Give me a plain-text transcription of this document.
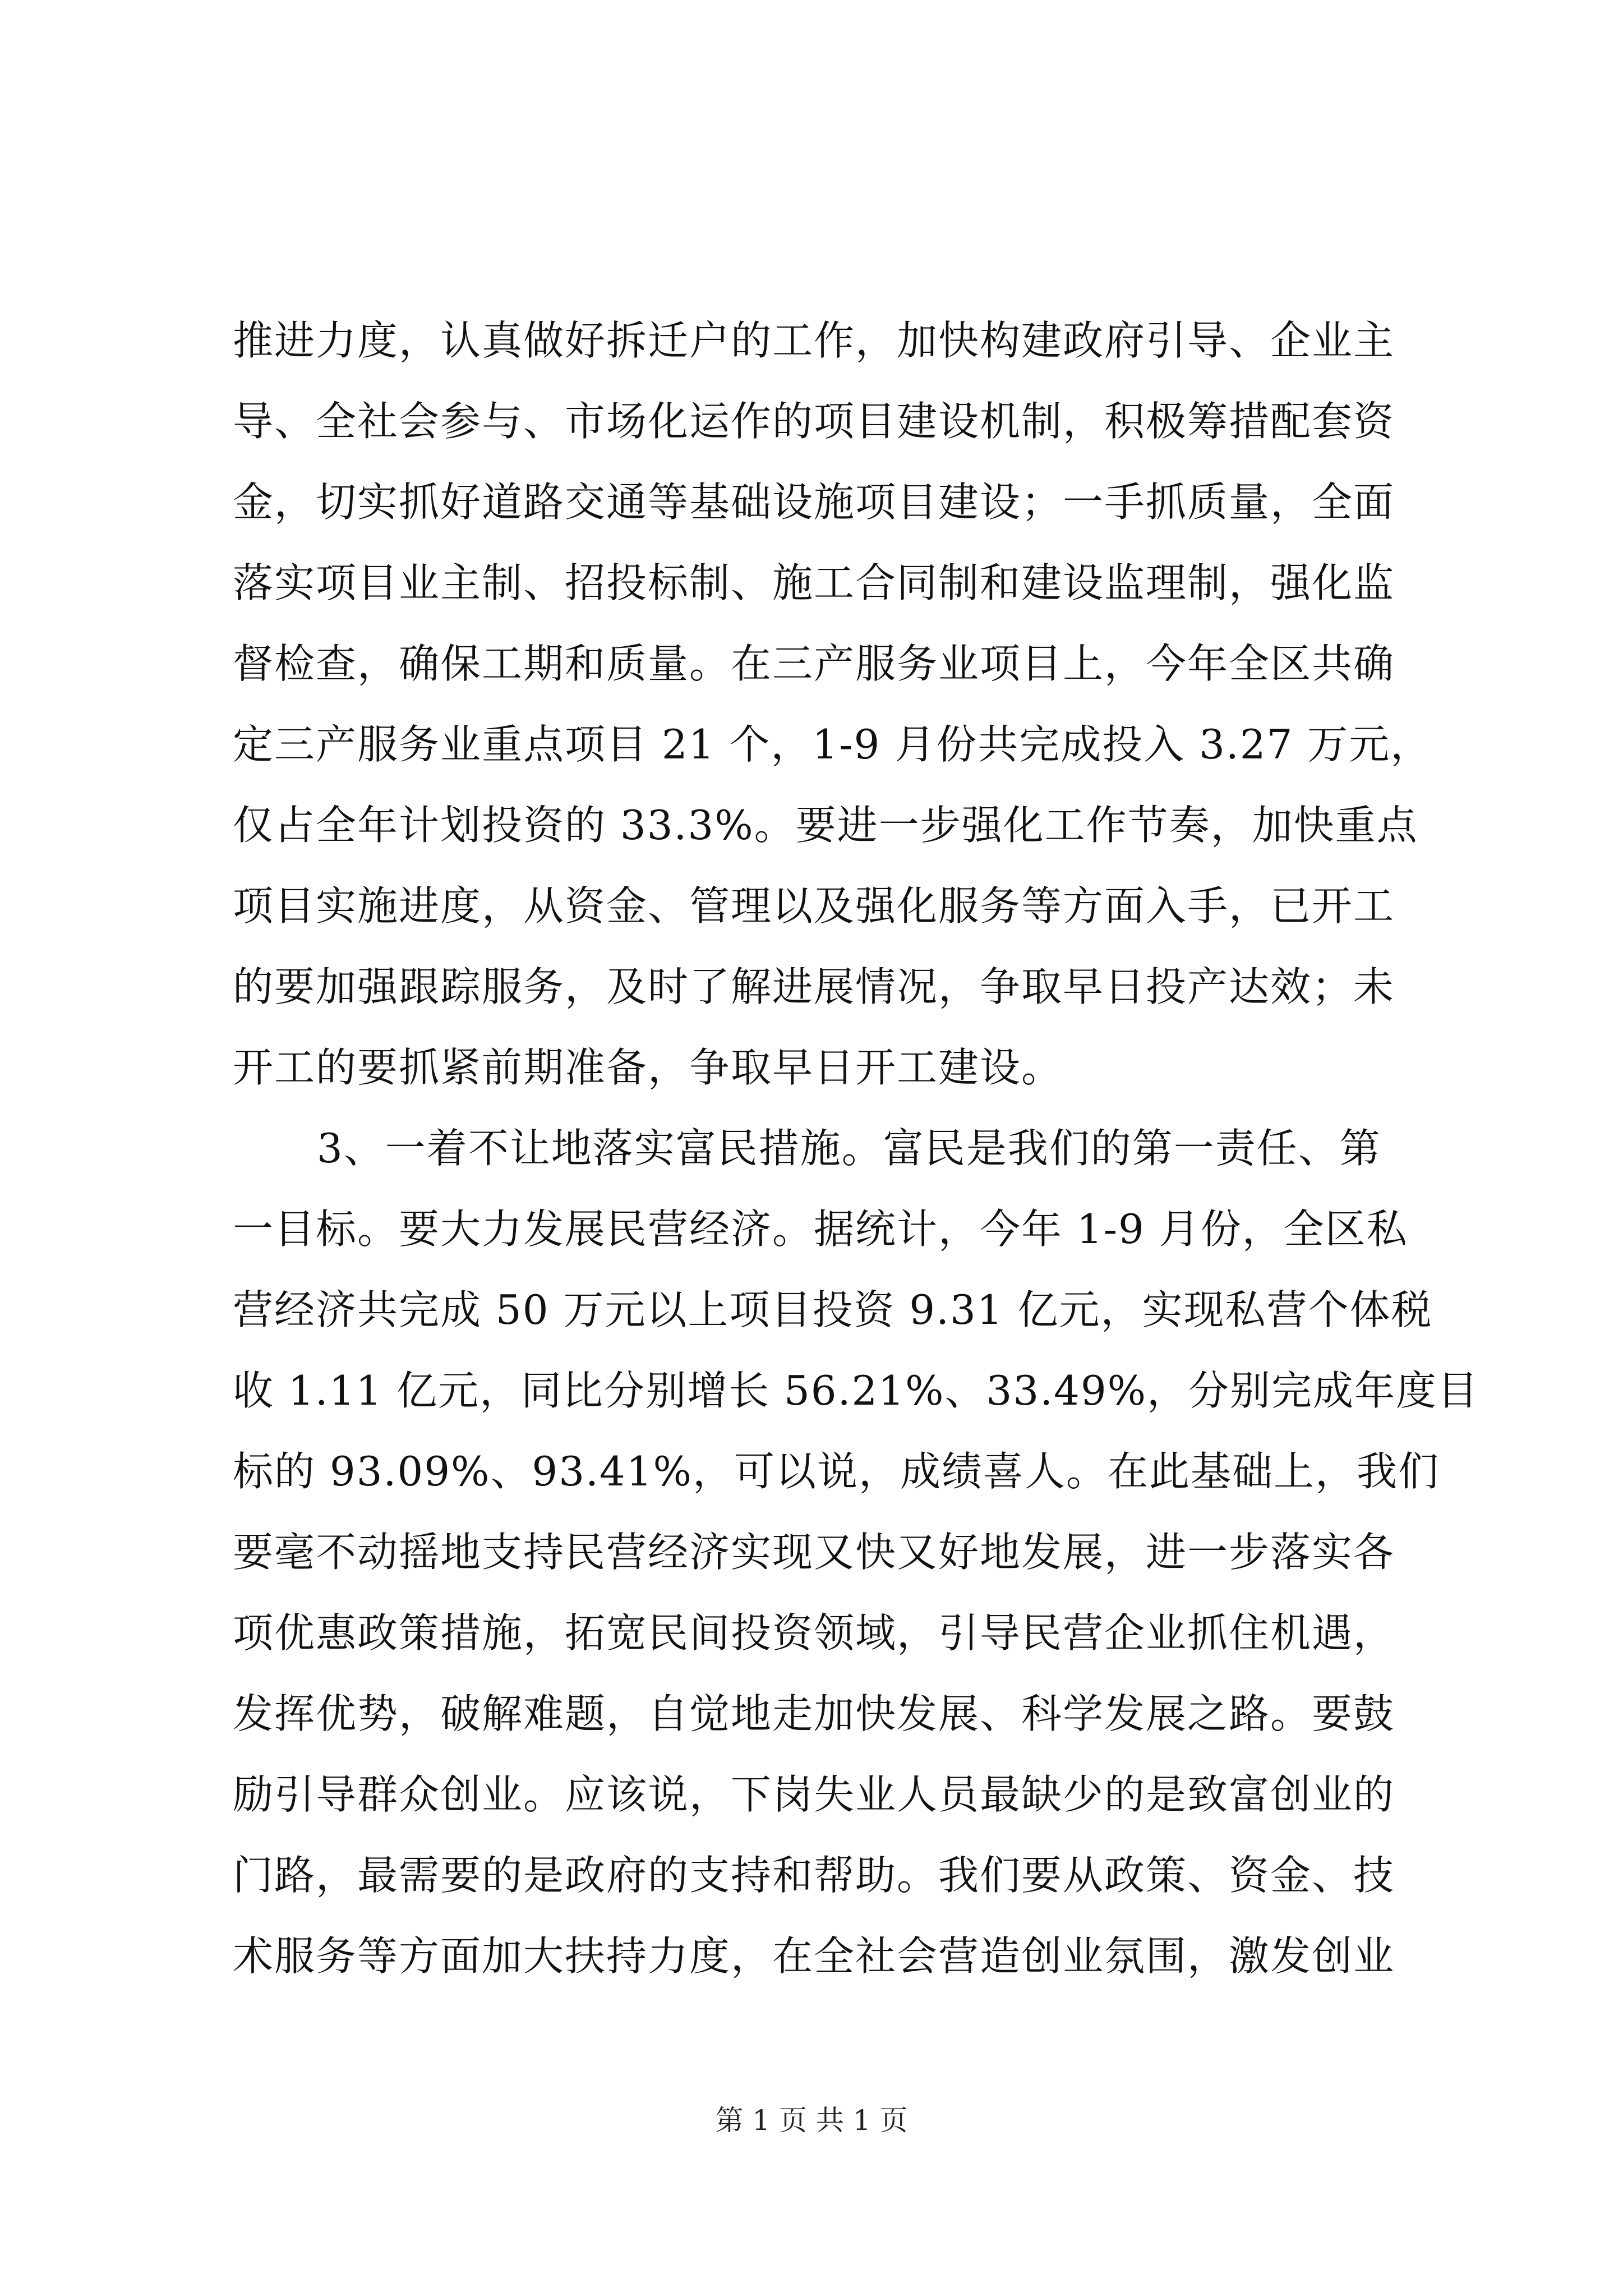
推进力度，认真做好拆迁户的工作，加快构建政府引导、企业主
导、全社会参与、市场化运作的项目建设机制，积极筹措配套资
金，切实抓好道路交通等基础设施项目建设；一手抓质量，全面
落实项目业主制、招投标制、施工合同制和建设监理制，强化监
督检查，确保工期和质量。在三产服务业项目上，今年全区共确
定三产服务业重点项目 21 个，1-9 月份共完成投入 3.27 万元，
仅占全年计划投资的 33.3%。要进一步强化工作节奏，加快重点
项目实施进度，从资金、管理以及强化服务等方面入手，已开工
的要加强跟踪服务，及时了解进展情况，争取早日投产达效；未
开工的要抓紧前期准备，争取早日开工建设。
3、一着不让地落实富民措施。富民是我们的第一责任、第
一目标。要大力发展民营经济。据统计，今年 1-9 月份，全区私
营经济共完成 50 万元以上项目投资 9.31 亿元，实现私营个体税
收 1.11 亿元，同比分别增长 56.21%、33.49%，分别完成年度目
标的 93.09%、93.41%，可以说，成绩喜人。在此基础上，我们
要毫不动摇地支持民营经济实现又快又好地发展，进一步落实各
项优惠政策措施，拓宽民间投资领域，引导民营企业抓住机遇，
发挥优势，破解难题，自觉地走加快发展、科学发展之路。要鼓
励引导群众创业。应该说，下岗失业人员最缺少的是致富创业的
门路，最需要的是政府的支持和帮助。我们要从政策、资金、技
术服务等方面加大扶持力度，在全社会营造创业氛围，激发创业
第 1 页 共 1 页
